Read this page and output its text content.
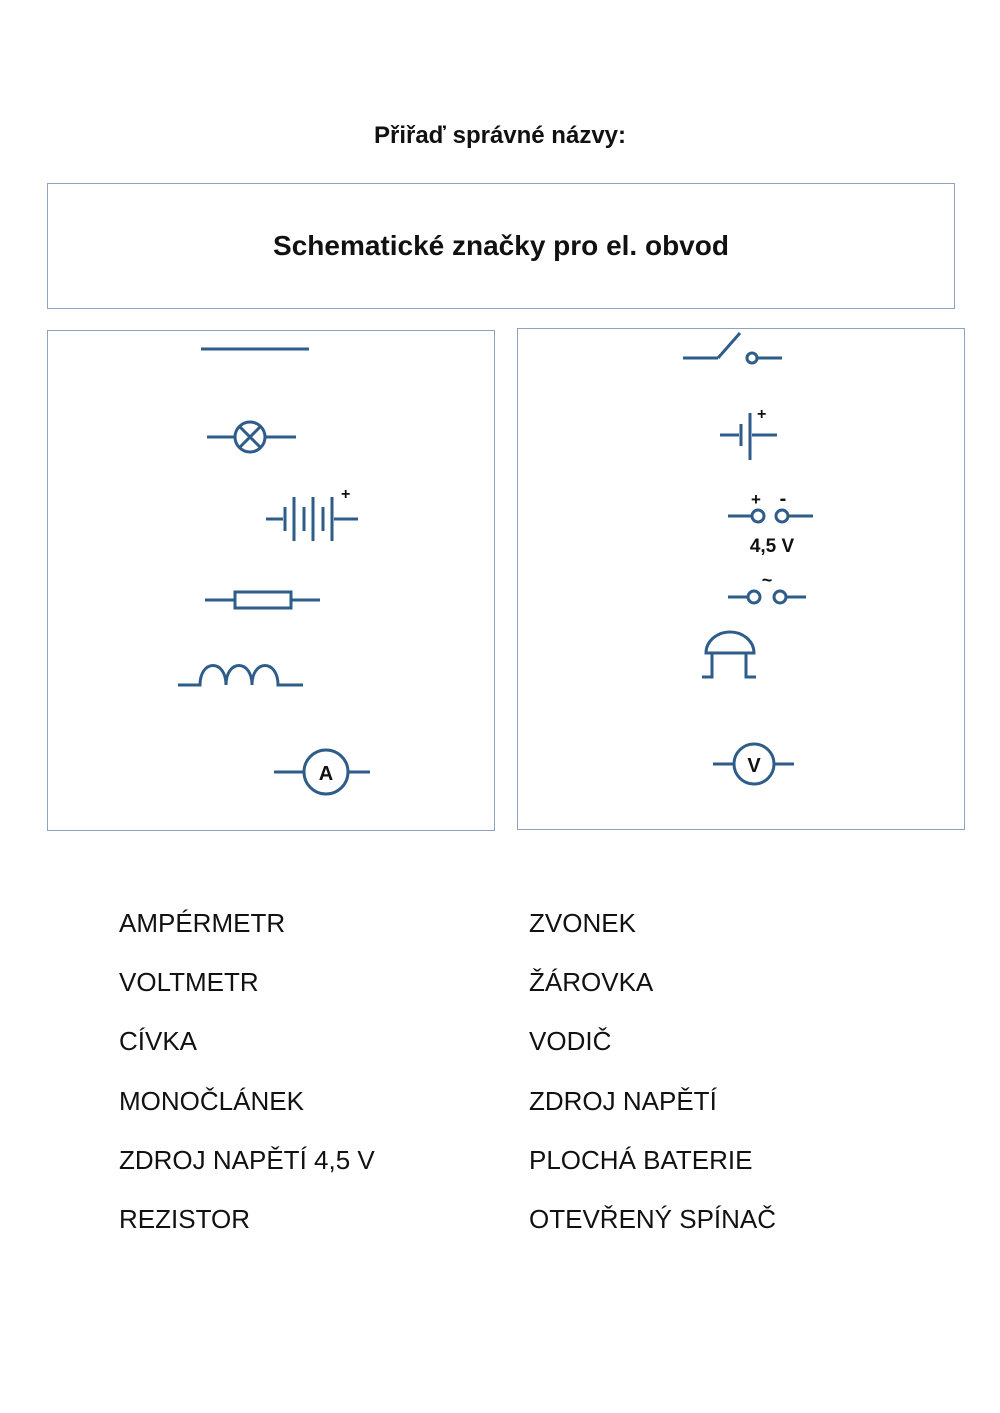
Přiřaď správné názvy:
Schematické značky pro el. obvod
+
A
+
+ -
4,5 V
~
V
AMPÉRMETR
VOLTMETR
CÍVKA
MONOČLÁNEK
ZDROJ NAPĚTÍ 4,5 V
REZISTOR
ZVONEK
ŽÁROVKA
VODIČ
ZDROJ NAPĚTÍ
PLOCHÁ BATERIE
OTEVŘENÝ SPÍNAČ
